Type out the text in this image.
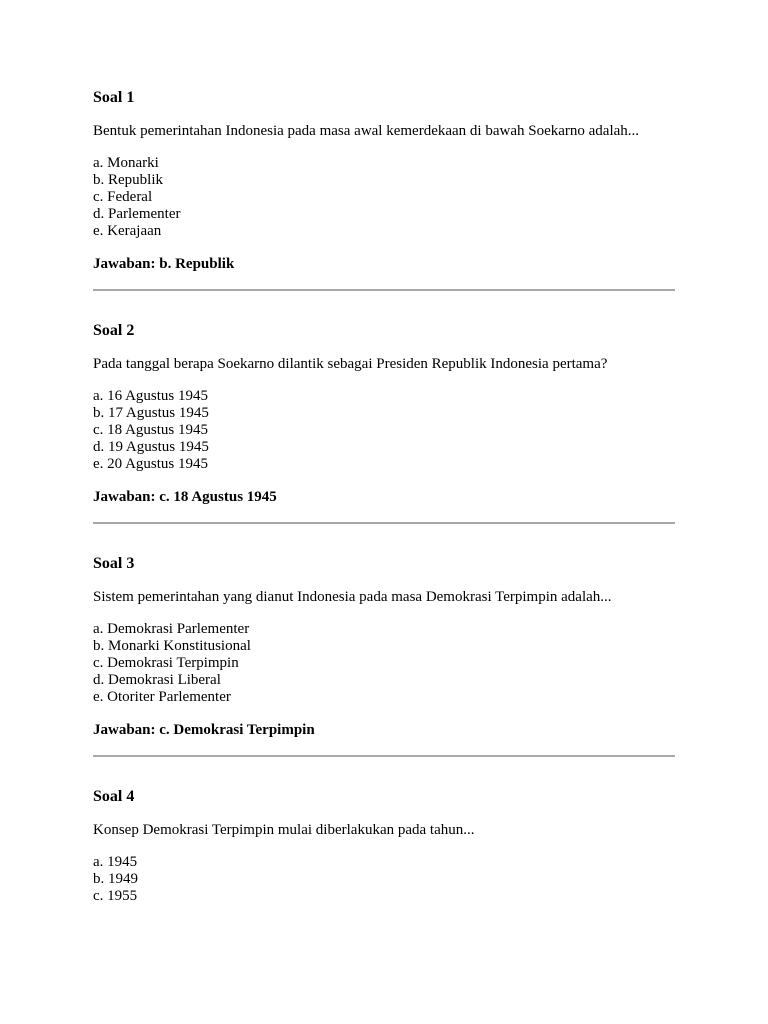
Soal 1

Bentuk pemerintahan Indonesia pada masa awal kemerdekaan di bawah Soekarno adalah...

a. Monarki
b. Republik
c. Federal
d. Parlementer
e. Kerajaan

Jawaban: b. Republik

Soal 2

Pada tanggal berapa Soekarno dilantik sebagai Presiden Republik Indonesia pertama?

a. 16 Agustus 1945
b. 17 Agustus 1945
c. 18 Agustus 1945
d. 19 Agustus 1945
e. 20 Agustus 1945

Jawaban: c. 18 Agustus 1945

Soal 3

Sistem pemerintahan yang dianut Indonesia pada masa Demokrasi Terpimpin adalah...

a. Demokrasi Parlementer
b. Monarki Konstitusional
c. Demokrasi Terpimpin
d. Demokrasi Liberal
e. Otoriter Parlementer

Jawaban: c. Demokrasi Terpimpin

Soal 4

Konsep Demokrasi Terpimpin mulai diberlakukan pada tahun...

a. 1945
b. 1949
c. 1955
